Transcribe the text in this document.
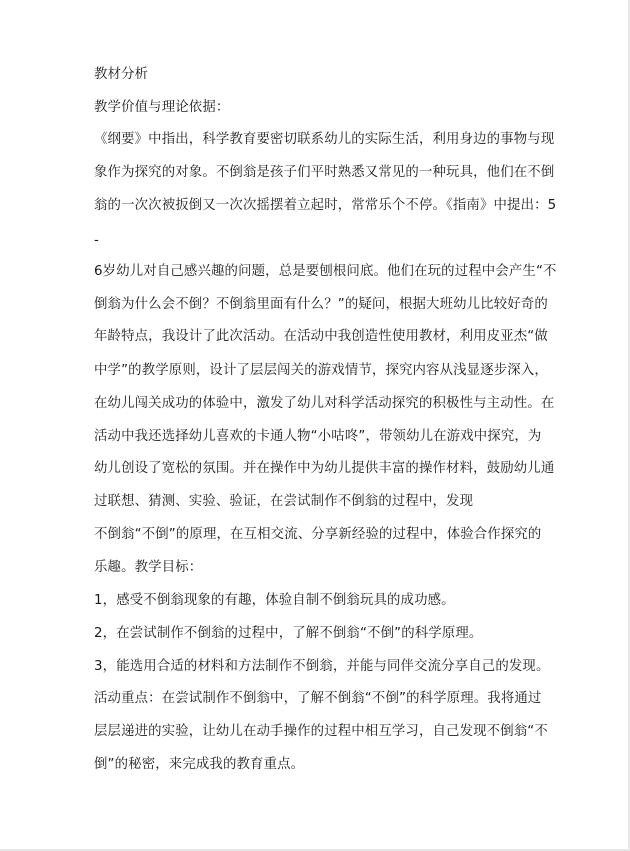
教材分析
教学价值与理论依据：
《纲要》中指出，科学教育要密切联系幼儿的实际生活，利用身边的事物与现
象作为探究的对象。不倒翁是孩子们平时熟悉又常见的一种玩具，他们在不倒
翁的一次次被扳倒又一次次摇摆着立起时，常常乐个不停。《指南》中提出：5
-
6岁幼儿对自己感兴趣的问题，总是要刨根问底。他们在玩的过程中会产生“不
倒翁为什么会不倒？不倒翁里面有什么？”的疑问，根据大班幼儿比较好奇的
年龄特点，我设计了此次活动。在活动中我创造性使用教材，利用皮亚杰“做
中学”的教学原则，设计了层层闯关的游戏情节，探究内容从浅显逐步深入，
在幼儿闯关成功的体验中，激发了幼儿对科学活动探究的积极性与主动性。在
活动中我还选择幼儿喜欢的卡通人物“小咕咚”，带领幼儿在游戏中探究，为
幼儿创设了宽松的氛围。并在操作中为幼儿提供丰富的操作材料，鼓励幼儿通
过联想、猜测、实验、验证，在尝试制作不倒翁的过程中，发现
不倒翁“不倒”的原理，在互相交流、分享新经验的过程中，体验合作探究的
乐趣。教学目标：
1，感受不倒翁现象的有趣，体验自制不倒翁玩具的成功感。
2，在尝试制作不倒翁的过程中，了解不倒翁“不倒”的科学原理。
3，能选用合适的材料和方法制作不倒翁，并能与同伴交流分享自己的发现。
活动重点：在尝试制作不倒翁中，了解不倒翁“不倒”的科学原理。我将通过
层层递进的实验，让幼儿在动手操作的过程中相互学习，自己发现不倒翁“不
倒”的秘密，来完成我的教育重点。
